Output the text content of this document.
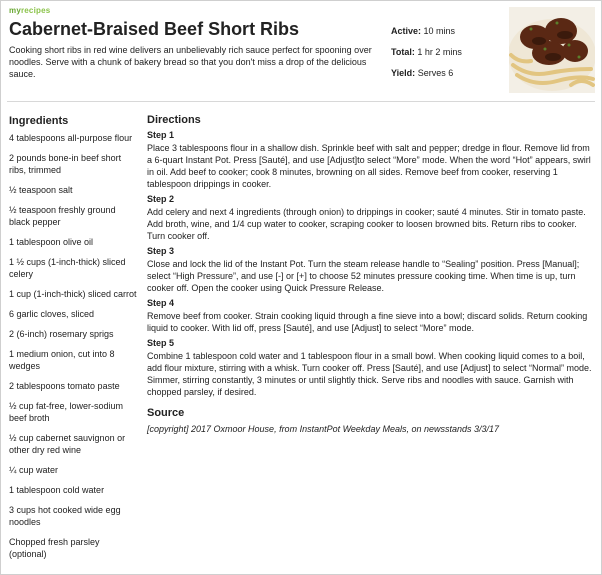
myrecipes
Cabernet-Braised Beef Short Ribs
Cooking short ribs in red wine delivers an unbelievably rich sauce perfect for spooning over noodles. Serve with a chunk of bakery bread so that you don't miss a drop of the delicious sauce.
Active: 10 mins
Total: 1 hr 2 mins
Yield: Serves 6
Ingredients
4 tablespoons all-purpose flour
2 pounds bone-in beef short ribs, trimmed
½ teaspoon salt
½ teaspoon freshly ground black pepper
1 tablespoon olive oil
1 ½ cups (1-inch-thick) sliced celery
1 cup (1-inch-thick) sliced carrot
6 garlic cloves, sliced
2 (6-inch) rosemary sprigs
1 medium onion, cut into 8 wedges
2 tablespoons tomato paste
½ cup fat-free, lower-sodium beef broth
½ cup cabernet sauvignon or other dry red wine
¼ cup water
1 tablespoon cold water
3 cups hot cooked wide egg noodles
Chopped fresh parsley (optional)
Directions
Step 1
Place 3 tablespoons flour in a shallow dish. Sprinkle beef with salt and pepper; dredge in flour. Remove lid from a 6-quart Instant Pot. Press [Sauté], and use [Adjust]to select “More” mode. When the word “Hot” appears, swirl in oil. Add beef to cooker; cook 8 minutes, browning on all sides. Remove beef from cooker, reserving 1 tablespoon drippings in cooker.
Step 2
Add celery and next 4 ingredients (through onion) to drippings in cooker; sauté 4 minutes. Stir in tomato paste. Add broth, wine, and 1/4 cup water to cooker, scraping cooker to loosen browned bits. Return ribs to cooker. Turn cooker off.
Step 3
Close and lock the lid of the Instant Pot. Turn the steam release handle to “Sealing” position. Press [Manual]; select “High Pressure”, and use [-] or [+] to choose 52 minutes pressure cooking time. When time is up, turn cooker off. Open the cooker using Quick Pressure Release.
Step 4
Remove beef from cooker. Strain cooking liquid through a fine sieve into a bowl; discard solids. Return cooking liquid to cooker. With lid off, press [Sauté], and use [Adjust] to select “More” mode.
Step 5
Combine 1 tablespoon cold water and 1 tablespoon flour in a small bowl. When cooking liquid comes to a boil, add flour mixture, stirring with a whisk. Turn cooker off. Press [Sauté], and use [Adjust] to select “Normal” mode. Simmer, stirring constantly, 3 minutes or until slightly thick. Serve ribs and noodles with sauce. Garnish with chopped parsley, if desired.
Source
[copyright] 2017 Oxmoor House, from InstantPot Weekday Meals, on newsstands 3/3/17
